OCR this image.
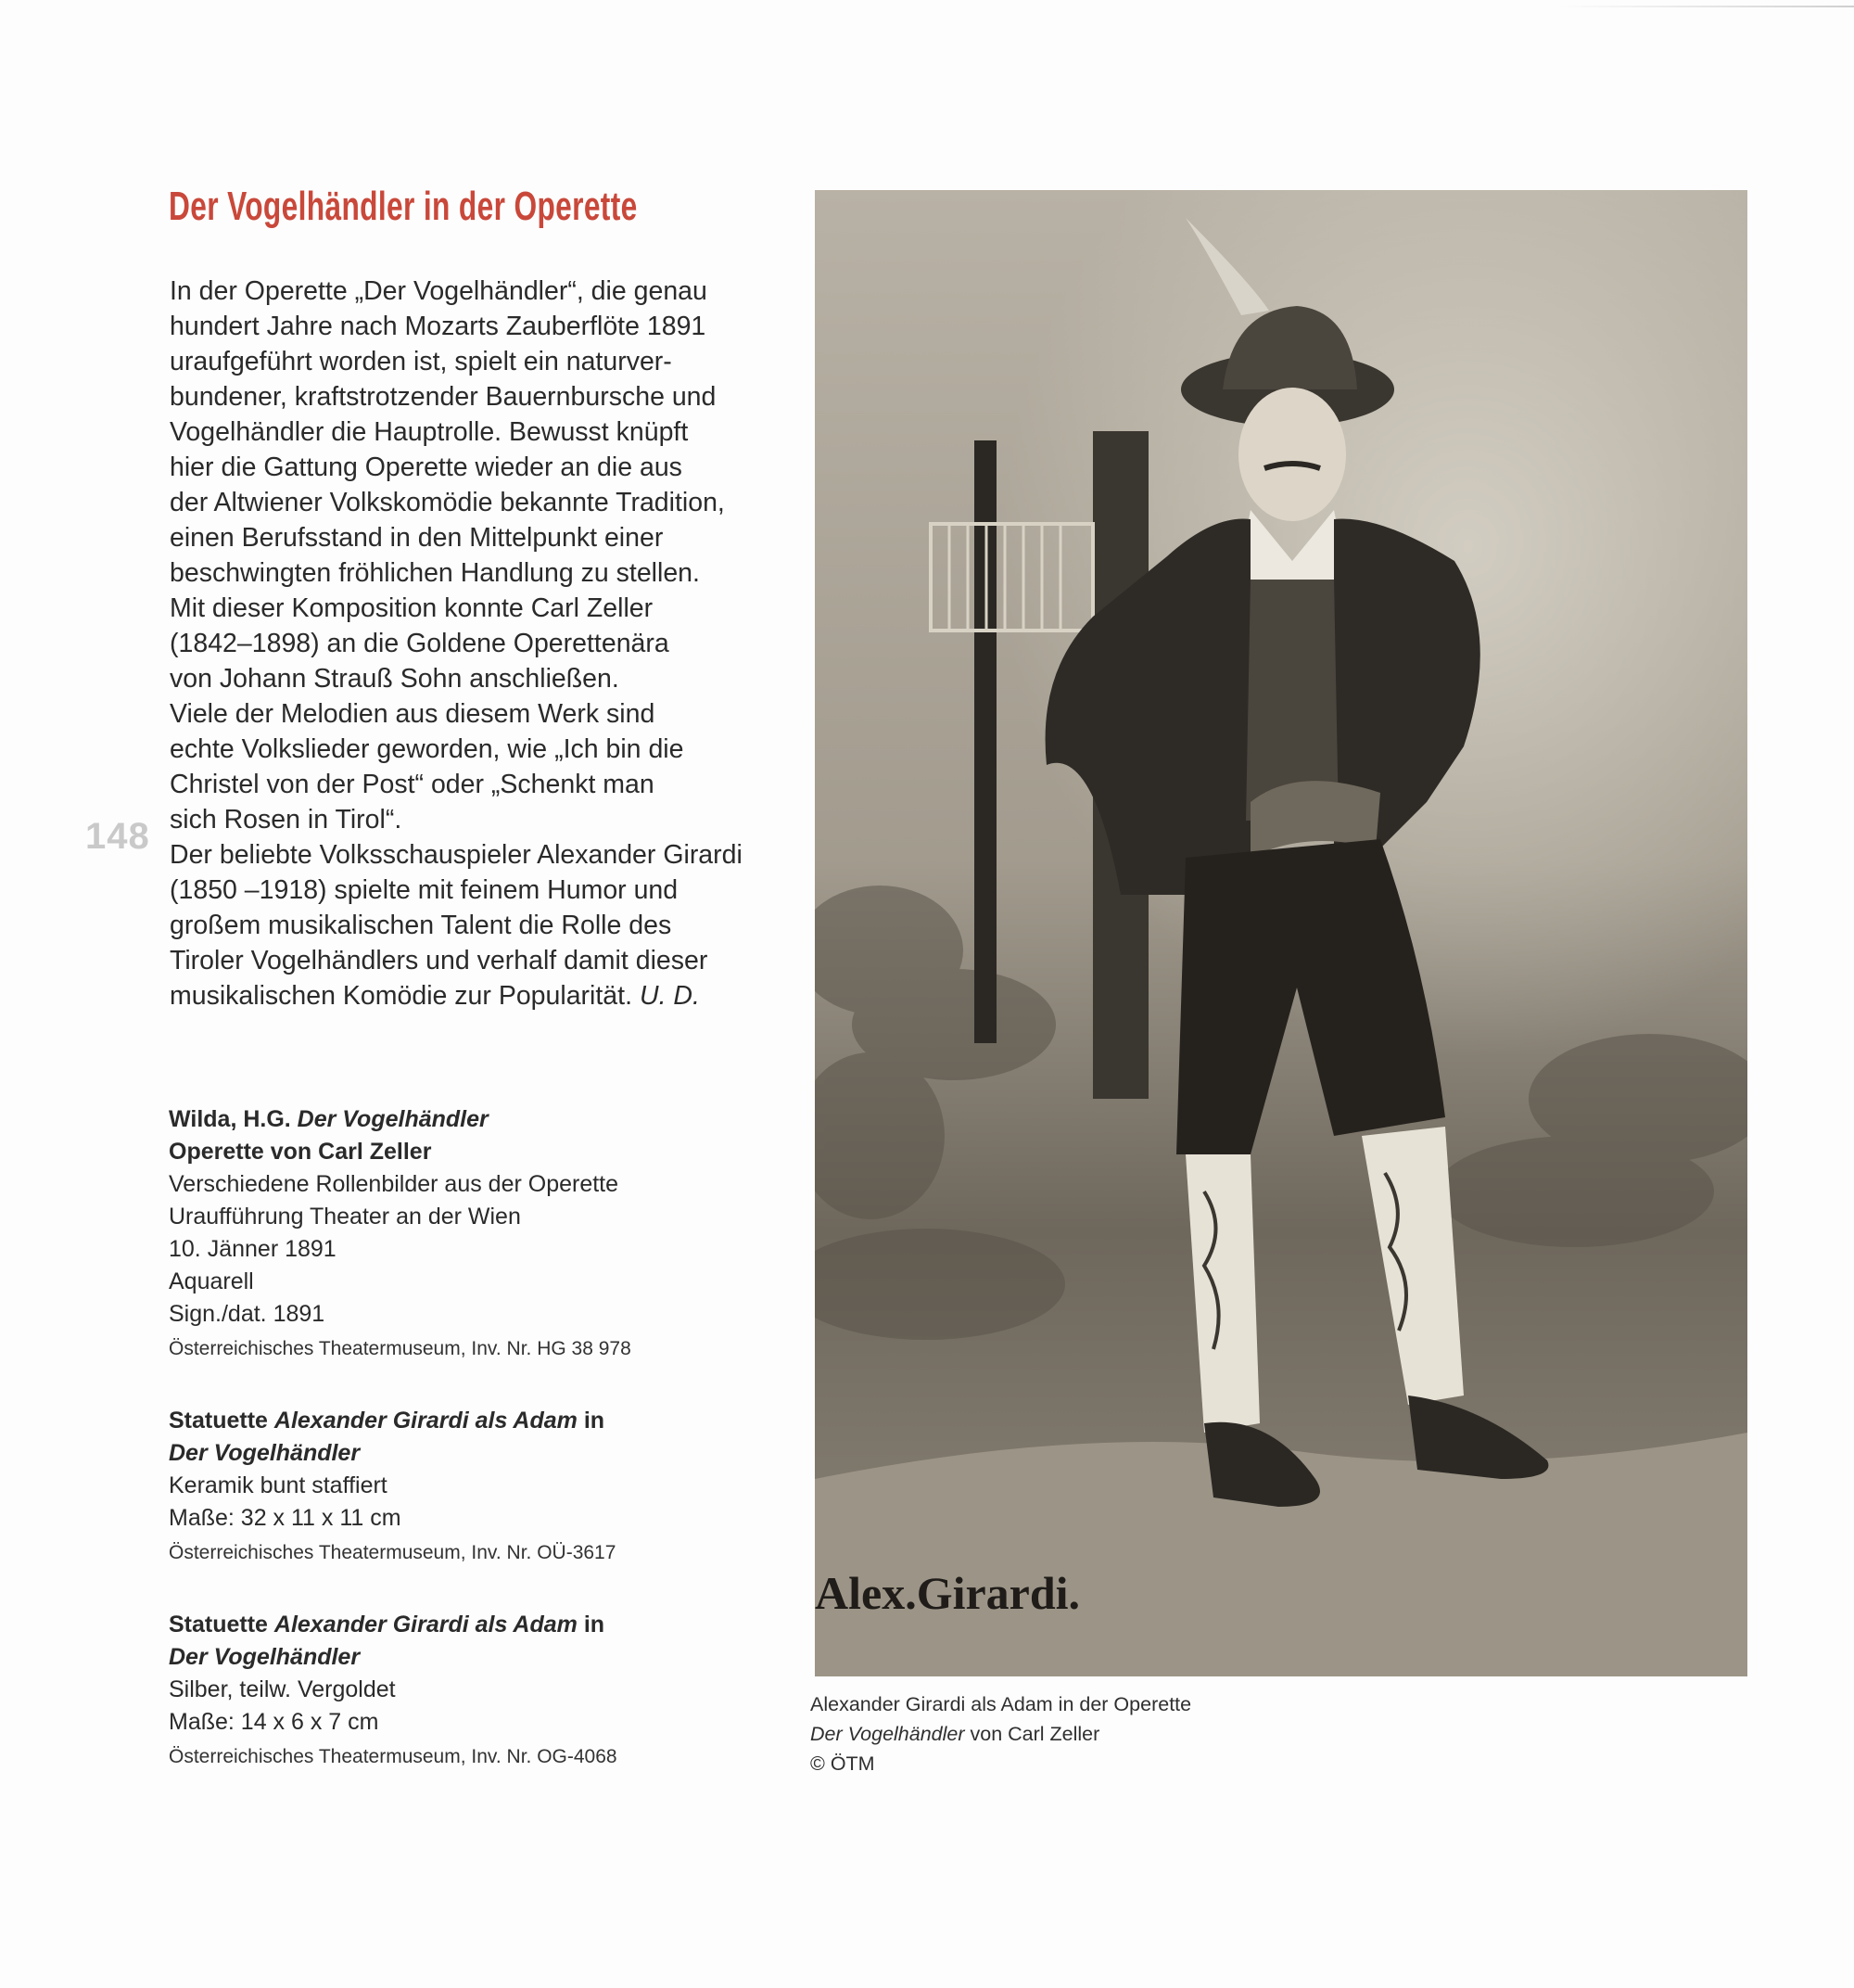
148
Der Vogelhändler in der Operette

In der Operette „Der Vogelhändler“, die genau
hundert Jahre nach Mozarts Zauberflöte 1891
uraufgeführt worden ist, spielt ein naturver-
bundener, kraftstrotzender Bauernbursche und
Vogelhändler die Hauptrolle. Bewusst knüpft
hier die Gattung Operette wieder an die aus
der Altwiener Volkskomödie bekannte Tradition,
einen Berufsstand in den Mittelpunkt einer
beschwingten fröhlichen Handlung zu stellen.
Mit dieser Komposition konnte Carl Zeller
(1842–1898) an die Goldene Operettenära
von Johann Strauß Sohn anschließen.
Viele der Melodien aus diesem Werk sind
echte Volkslieder geworden, wie „Ich bin die
Christel von der Post“ oder „Schenkt man
sich Rosen in Tirol“.
Der beliebte Volksschauspieler Alexander Girardi
(1850 –1918) spielte mit feinem Humor und
großem musikalischen Talent die Rolle des
Tiroler Vogelhändlers und verhalf damit dieser
musikalischen Komödie zur Popularität. U. D.

Wilda, H.G. Der Vogelhändler
Operette von Carl Zeller
Verschiedene Rollenbilder aus der Operette
Uraufführung Theater an der Wien
10. Jänner 1891
Aquarell
Sign./dat. 1891
Österreichisches Theatermuseum, Inv. Nr. HG 38 978
Statuette Alexander Girardi als Adam in
Der Vogelhändler
Keramik bunt staffiert
Maße: 32 x 11 x 11 cm
Österreichisches Theatermuseum, Inv. Nr. OÜ-3617
Statuette Alexander Girardi als Adam in
Der Vogelhändler
Silber, teilw. Vergoldet
Maße: 14 x 6 x 7 cm
Österreichisches Theatermuseum, Inv. Nr. OG-4068
Alex.Girardi.
Alexander Girardi als Adam in der Operette
Der Vogelhändler von Carl Zeller
© ÖTM
